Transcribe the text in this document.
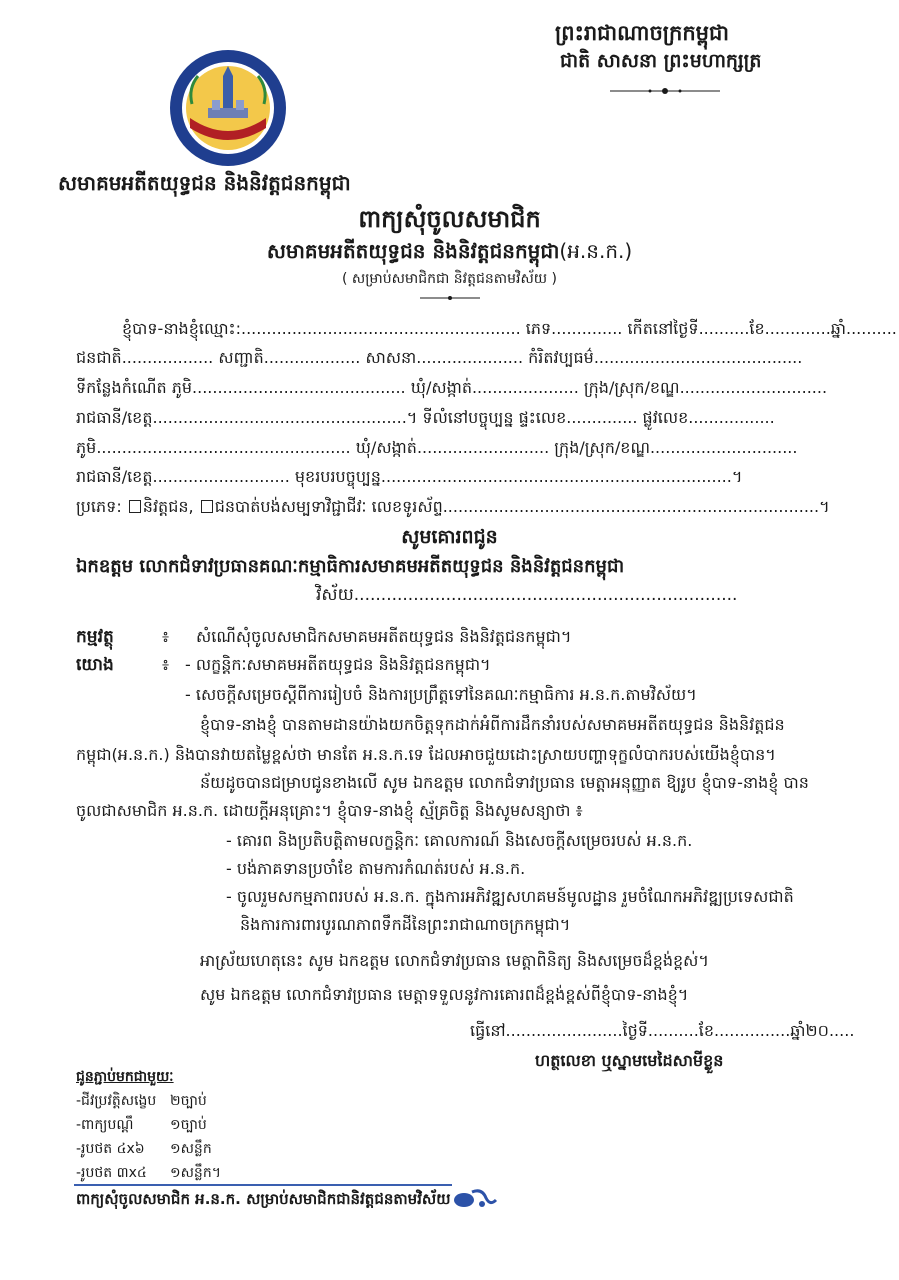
ព្រះរាជាណាចក្រកម្ពុជា
ជាតិ សាសនា ព្រះមហាក្សត្រ
សមាគមអតីតយុទ្ធជន និងនិវត្តជនកម្ពុជា
ពាក្យសុំចូលសមាជិក
សមាគមអតីតយុទ្ធជន និងនិវត្តជនកម្ពុជា(អ.ន.ក.)
( សម្រាប់សមាជិកជា និវត្តជនតាមវិស័យ )
ខ្ញុំបាទ-នាងខ្ញុំឈ្មោះ:....................................................... ភេទ.............. កើតនៅថ្ងៃទី..........ខែ.............ឆ្នាំ..........
ជនជាតិ.................. សញ្ជាតិ................... សាសនា..................... កំរិតវប្បធម៌.........................................
ទីកន្លែងកំណើត ភូមិ.......................................... ឃុំ/សង្កាត់..................... ក្រុង/ស្រុក/ខណ្ឌ.............................
រាជធានី/ខេត្ត..................................................។ ទីលំនៅបច្ចុប្បន្ន ផ្ទះលេខ.............. ផ្លូវលេខ.................
ភូមិ.................................................. ឃុំ/សង្កាត់.......................... ក្រុង/ស្រុក/ខណ្ឌ.............................
រាជធានី/ខេត្ត........................... មុខរបរបច្ចុប្បន្ន.....................................................................។
ប្រភេទ: និវត្តជន, ជនបាត់បង់សម្បទាវិជ្ជាជីវៈ លេខទូរស័ព្ទ..........................................................................។
សូមគោរពជូន
ឯកឧត្តម លោកជំទាវប្រធានគណៈកម្មាធិការសមាគមអតីតយុទ្ធជន និងនិវត្តជនកម្ពុជា
វិស័យ.......................................................................
កម្មវត្ថុ	៖ សំណើសុំចូលសមាជិកសមាគមអតីតយុទ្ធជន និងនិវត្តជនកម្ពុជា។
យោង	៖ - លក្ខន្តិកៈសមាគមអតីតយុទ្ធជន និងនិវត្តជនកម្ពុជា។
- សេចក្តីសម្រេចស្តីពីការរៀបចំ និងការប្រព្រឹត្តទៅនៃគណៈកម្មាធិការ អ.ន.ក.តាមវិស័យ។
ខ្ញុំបាទ-នាងខ្ញុំ បានតាមដានយ៉ាងយកចិត្តទុកដាក់អំពីការដឹកនាំរបស់សមាគមអតីតយុទ្ធជន និងនិវត្តជន
កម្ពុជា(អ.ន.ក.) និងបានវាយតម្លៃខ្ពស់ថា មានតែ អ.ន.ក.ទេ ដែលអាចជួយដោះស្រាយបញ្ហាទុក្ខលំបាករបស់យើងខ្ញុំបាន។
ន័យដូចបានជម្រាបជូនខាងលើ សូម ឯកឧត្តម លោកជំទាវប្រធាន មេត្តាអនុញ្ញាត ឱ្យរូប ខ្ញុំបាទ-នាងខ្ញុំ បាន
ចូលជាសមាជិក អ.ន.ក. ដោយក្តីអនុគ្រោះ។ ខ្ញុំបាទ-នាងខ្ញុំ ស្ម័គ្រចិត្ត និងសូមសន្យាថា ៖
- គោរព និងប្រតិបត្តិតាមលក្ខន្តិកៈ គោលការណ៍ និងសេចក្តីសម្រេចរបស់ អ.ន.ក.
- បង់ភាគទានប្រចាំខែ តាមការកំណត់របស់ អ.ន.ក.
- ចូលរួមសកម្មភាពរបស់ អ.ន.ក. ក្នុងការអភិវឌ្ឍសហគមន៍មូលដ្ឋាន រួមចំណែកអភិវឌ្ឍប្រទេសជាតិ
និងការការពារបូរណភាពទឹកដីនៃព្រះរាជាណាចក្រកម្ពុជា។
អាស្រ័យហេតុនេះ សូម ឯកឧត្តម លោកជំទាវប្រធាន មេត្តាពិនិត្យ និងសម្រេចដ៏ខ្ពង់ខ្ពស់។
សូម ឯកឧត្តម លោកជំទាវប្រធាន មេត្តាទទួលនូវការគោរពដ៏ខ្ពង់ខ្ពស់ពីខ្ញុំបាទ-នាងខ្ញុំ។
ធ្វើនៅ.......................ថ្ងៃទី..........ខែ...............ឆ្នាំ២០.....
ហត្ថលេខា ឬស្នាមមេដៃសាមីខ្លួន
ជូនភ្ជាប់មកជាមួយៈ
-ជីវប្រវត្តិសង្ខេប ២ច្បាប់
-ពាក្យបណ្តឹ	១ច្បាប់
-រូបថត ៤x៦ ១សន្លឹក
-រូបថត ៣x៤ ១សន្លឹក។
ពាក្យសុំចូលសមាជិក អ.ន.ក. សម្រាប់សមាជិកជានិវត្តជនតាមវិស័យ
